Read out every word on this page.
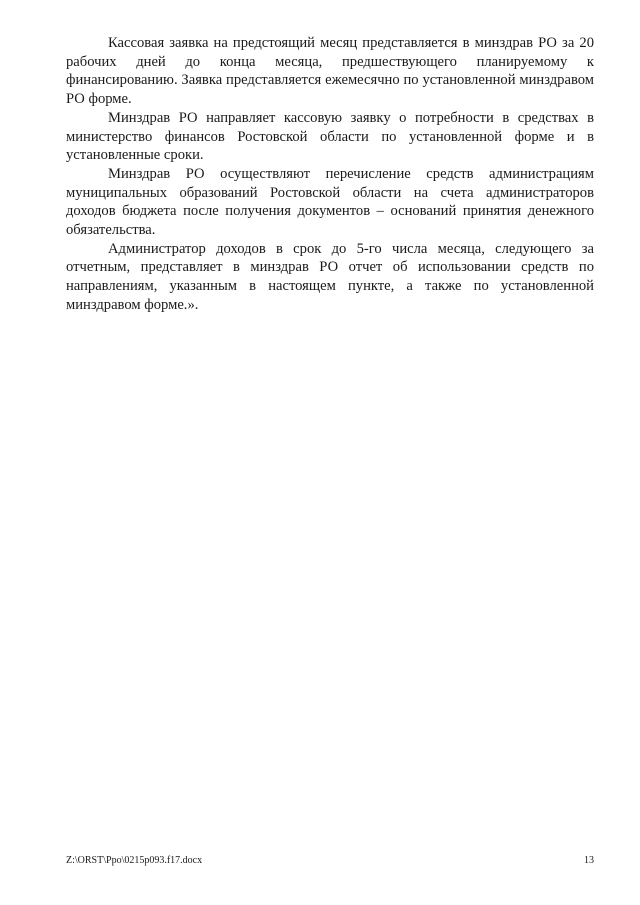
Кассовая заявка на предстоящий месяц представляется в минздрав РО за 20 рабочих дней до конца месяца, предшествующего планируемому к финансированию. Заявка представляется ежемесячно по установленной минздравом РО форме.

Минздрав РО направляет кассовую заявку о потребности в средствах в министерство финансов Ростовской области по установленной форме и в установленные сроки.

Минздрав РО осуществляют перечисление средств администрациям муниципальных образований Ростовской области на счета администраторов доходов бюджета после получения документов – оснований принятия денежного обязательства.

Администратор доходов в срок до 5-го числа месяца, следующего за отчетным, представляет в минздрав РО отчет об использовании средств по направлениям, указанным в настоящем пункте, а также по установленной минздравом форме.».

Z:\ORST\Ppo\0215p093.f17.docx	13
